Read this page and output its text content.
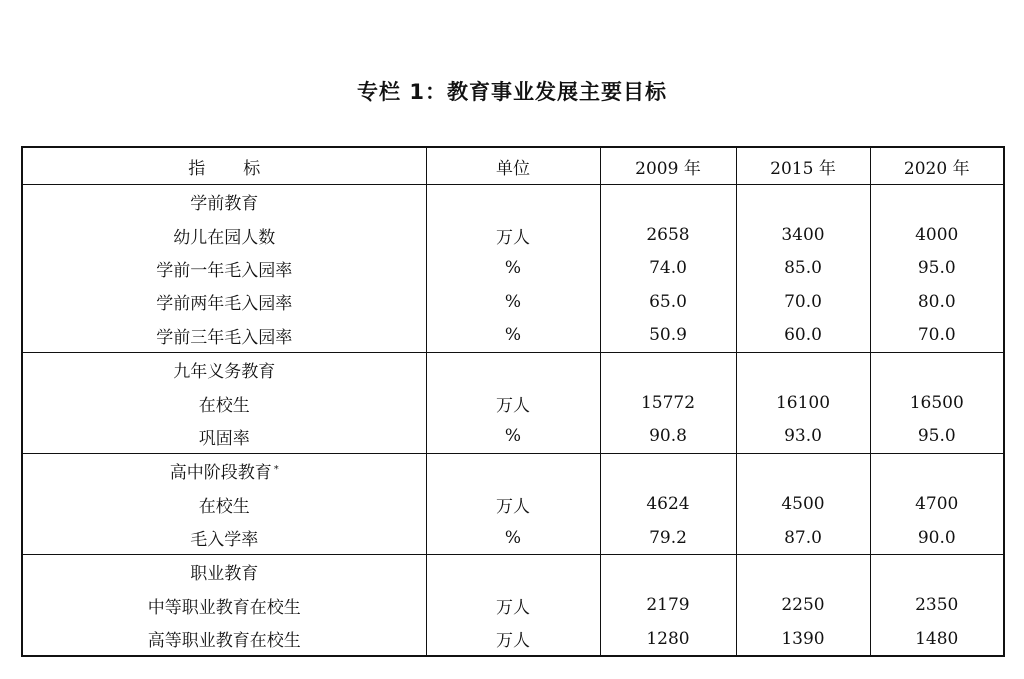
专栏 1：教育事业发展主要目标
指 标	单位	2009 年	2015 年	2020 年
学前教育				
幼儿在园人数	万人	2658	3400	4000
学前一年毛入园率	%	74.0	85.0	95.0
学前两年毛入园率	%	65.0	70.0	80.0
学前三年毛入园率	%	50.9	60.0	70.0
九年义务教育				
在校生	万人	15772	16100	16500
巩固率	%	90.8	93.0	95.0
高中阶段教育 *				
在校生	万人	4624	4500	4700
毛入学率	%	79.2	87.0	90.0
职业教育				
中等职业教育在校生	万人	2179	2250	2350
高等职业教育在校生	万人	1280	1390	1480
